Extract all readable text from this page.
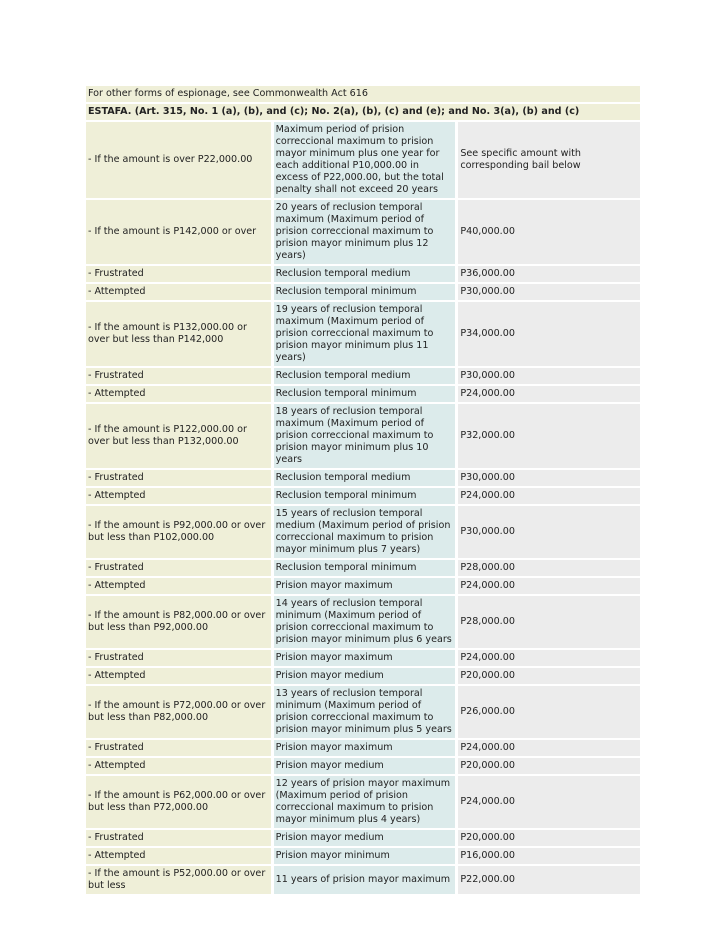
For other forms of espionage, see Commonwealth Act 616		
ESTAFA. (Art. 315, No. 1 (a), (b), and (c); No. 2(a), (b), (c) and (e); and No. 3(a), (b) and (c)		
- If the amount is over P22,000.00	Maximum period of prision correccional maximum to prision mayor minimum plus one year for each additional P10,000.00 in excess of P22,000.00, but the total penalty shall not exceed 20 years	See specific amount with corresponding bail below
- If the amount is P142,000 or over	20 years of reclusion temporal maximum (Maximum period of prision correccional maximum to prision mayor minimum plus 12 years)	P40,000.00
- Frustrated	Reclusion temporal medium	P36,000.00
- Attempted	Reclusion temporal minimum	P30,000.00
- If the amount is P132,000.00 or over but less than P142,000	19 years of reclusion temporal maximum (Maximum period of prision correccional maximum to prision mayor minimum plus 11 years)	P34,000.00
- Frustrated	Reclusion temporal medium	P30,000.00
- Attempted	Reclusion temporal minimum	P24,000.00
- If the amount is P122,000.00 or over but less than P132,000.00	18 years of reclusion temporal maximum (Maximum period of prision correccional maximum to prision mayor minimum plus 10 years	P32,000.00
- Frustrated	Reclusion temporal medium	P30,000.00
- Attempted	Reclusion temporal minimum	P24,000.00
- If the amount is P92,000.00 or over but less than P102,000.00	15 years of reclusion temporal medium (Maximum period of prision correccional maximum to prision mayor minimum plus 7 years)	P30,000.00
- Frustrated	Reclusion temporal minimum	P28,000.00
- Attempted	Prision mayor maximum	P24,000.00
- If the amount is P82,000.00 or over but less than P92,000.00	14 years of reclusion temporal minimum (Maximum period of prision correccional maximum to prision mayor minimum plus 6 years	P28,000.00
- Frustrated	Prision mayor maximum	P24,000.00
- Attempted	Prision mayor medium	P20,000.00
- If the amount is P72,000.00 or over but less than P82,000.00	13 years of reclusion temporal minimum (Maximum period of prision correccional maximum to prision mayor minimum plus 5 years	P26,000.00
- Frustrated	Prision mayor maximum	P24,000.00
- Attempted	Prision mayor medium	P20,000.00
- If the amount is P62,000.00 or over but less than P72,000.00	12 years of prision mayor maximum (Maximum period of prision correccional maximum to prision mayor minimum plus 4 years)	P24,000.00
- Frustrated	Prision mayor medium	P20,000.00
- Attempted	Prision mayor minimum	P16,000.00
- If the amount is P52,000.00 or over but less	11 years of prision mayor maximum	P22,000.00
